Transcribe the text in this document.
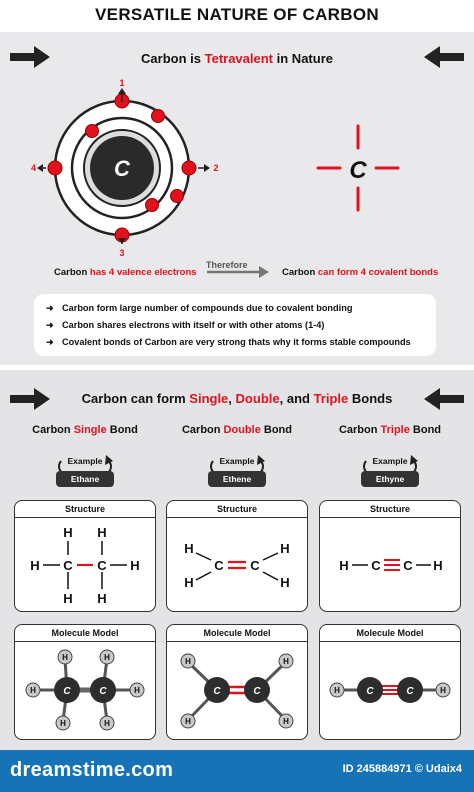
VERSATILE NATURE OF CARBON
Carbon is Tetravalent in Nature
C
1
2
3
4	C
Carbon has 4 valence electrons
Therefore
Carbon can form 4 covalent bonds
➜ Carbon form large number of compounds due to covalent bonding
➜ Carbon shares electrons with itself or with other atoms (1-4)
➜ Covalent bonds of Carbon are very strong thats why it forms stable compounds
Carbon can form Single, Double, and Triple Bonds
Carbon Single Bond	Carbon Double Bond	Carbon Triple Bond
Example
Ethane
Example
Ethene
Example
Ethyne
Structure
H C C H
H H
H H
Structure
H
H
C C
H
H
Structure
H C C H
Molecule Model
H
H
H
H
H
H
C	C
Molecule Model
H
H
H
H
C	C
Molecule Model
H	H
C	C
dreamstime.com	ID 245884971 © Udaix4
